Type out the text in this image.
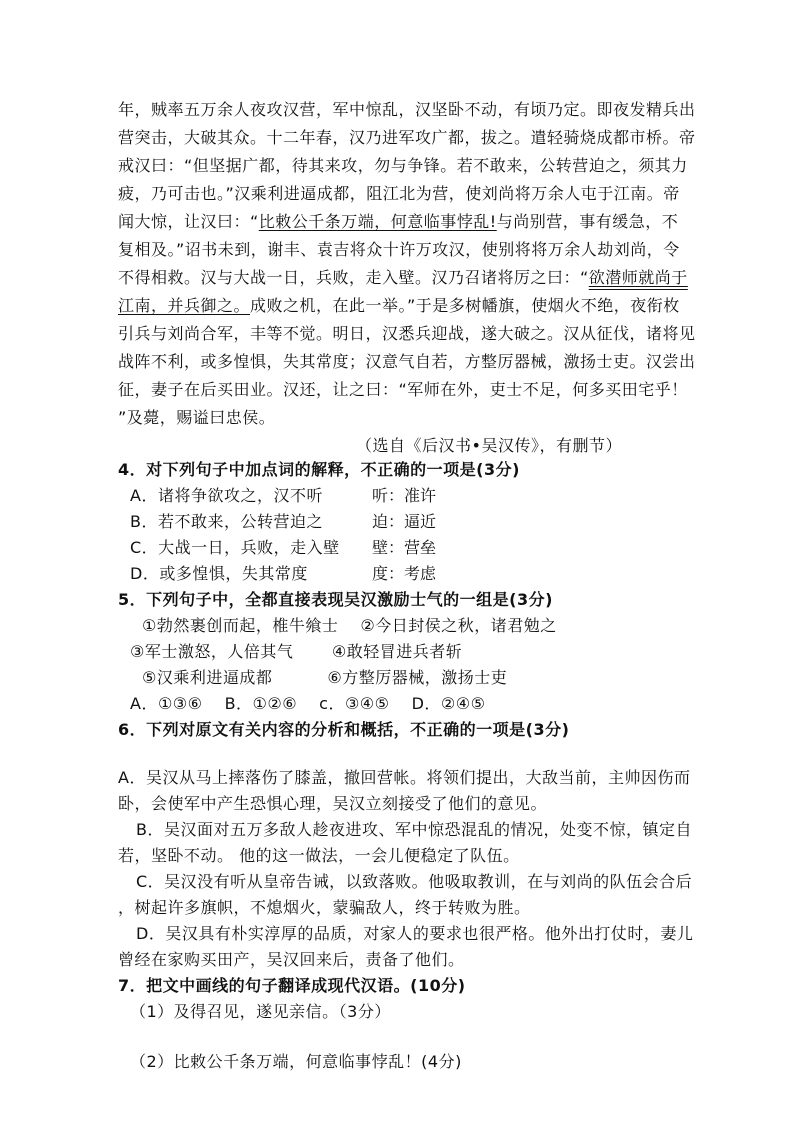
年，贼率五万余人夜攻汉营，军中惊乱，汉坚卧不动，有顷乃定。即夜发精兵出
营突击，大破其众。十二年春，汉乃进军攻广都，拔之。遣轻骑烧成都市桥。帝
戒汉曰：“但坚据广都，待其来攻，勿与争锋。若不敢来，公转营迫之，须其力
疲，乃可击也。”汉乘利进逼成都，阻江北为营，使刘尚将万余人屯于江南。帝
闻大惊，让汉曰：“比敕公千条万端，何意临事悖乱!与尚别营，事有缓急，不
复相及。”诏书未到，谢丰、袁吉将众十许万攻汉，使别将将万余人劫刘尚，令
不得相救。汉与大战一日，兵败，走入壁。汉乃召诸将厉之曰：“欲潜师就尚于
江南，并兵御之。成败之机，在此一举。”于是多树幡旗，使烟火不绝，夜衔枚
引兵与刘尚合军，丰等不觉。明日，汉悉兵迎战，遂大破之。汉从征伐，诸将见
战阵不利，或多惶惧，失其常度；汉意气自若，方整厉器械，激扬士吏。汉尝出
征，妻子在后买田业。汉还，让之曰：“军师在外，吏士不足，何多买田宅乎！
”及薨，赐谥曰忠侯。
（选自《后汉书•吴汉传》，有删节）
4．对下列句子中加点词的解释，不正确的一项是(3分)
A．诸将争欲攻之，汉不听	听：准许
B．若不敢来，公转营迫之	迫：逼近
C．大战一日，兵败，走入壁 壁：营垒
D．或多惶惧，失其常度	度：考虑
5．下列句子中，全都直接表现吴汉激励士气的一组是(3分)
①勃然裹创而起，椎牛飨士　 ②今日封侯之秋，诸君勉之
③军士激怒，人倍其气　　 ④敢轻冒进兵者斩
⑤汉乘利进逼成都　　　 ⑥方整厉器械，激扬士吏
A．①③⑥　 B．①②⑥　 c．③④⑤　 D．②④⑤
6．下列对原文有关内容的分析和概括，不正确的一项是(3分)
A．吴汉从马上摔落伤了膝盖，撤回营帐。将领们提出，大敌当前，主帅因伤而
卧，会使军中产生恐惧心理，吴汉立刻接受了他们的意见。
B．吴汉面对五万多敌人趁夜进攻、军中惊恐混乱的情况，处变不惊，镇定自
若，坚卧不动。 他的这一做法，一会儿便稳定了队伍。
C．吴汉没有听从皇帝告诫，以致落败。他吸取教训，在与刘尚的队伍会合后
，树起许多旗帜，不熄烟火，蒙骗敌人，终于转败为胜。
D．吴汉具有朴实淳厚的品质，对家人的要求也很严格。他外出打仗时，妻儿
曾经在家购买田产，吴汉回来后，责备了他们。
7．把文中画线的句子翻译成现代汉语。(10分)
（1）及得召见，遂见亲信。（3分）
（2）比敕公千条万端，何意临事悖乱！(4分)
